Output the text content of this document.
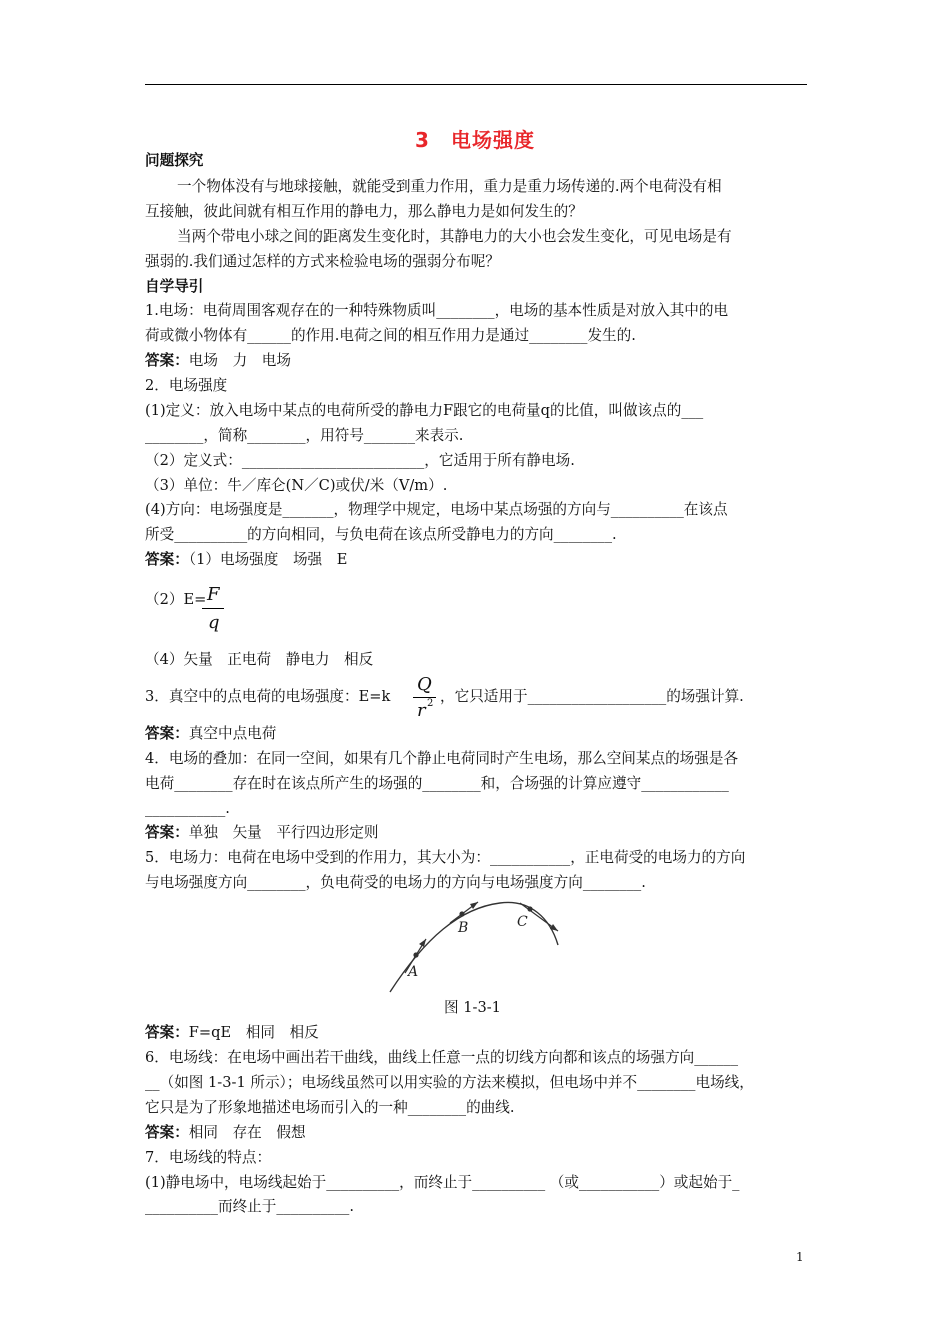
3　电场强度
问题探究
一个物体没有与地球接触，就能受到重力作用，重力是重力场传递的.两个电荷没有相
互接触，彼此间就有相互作用的静电力，那么静电力是如何发生的？
当两个带电小球之间的距离发生变化时，其静电力的大小也会发生变化，可见电场是有
强弱的.我们通过怎样的方式来检验电场的强弱分布呢？
自学导引
1.电场：电荷周围客观存在的一种特殊物质叫________，电场的基本性质是对放入其中的电
荷或微小物体有______的作用.电荷之间的相互作用力是通过________发生的.
答案：电场　力　电场
2．电场强度
(1)定义：放入电场中某点的电荷所受的静电力F跟它的电荷量q的比值，叫做该点的___
________，简称________，用符号_______来表示.
（2）定义式：_________________________，它适用于所有静电场.
（3）单位：牛／库仑(N／C)或伏/米（V/m）.
(4)方向：电场强度是_______，物理学中规定，电场中某点场强的方向与__________在该点
所受__________的方向相同，与负电荷在该点所受静电力的方向________.
答案：（1）电场强度　场强　E
（2）E= F
q
（4）矢量　正电荷　静电力　相反
3．真空中的点电荷的电场强度：E=k
Q
r 2 ，它只适用于___________________的场强计算.
答案：真空中点电荷
4．电场的叠加：在同一空间，如果有几个静止电荷同时产生电场，那么空间某点的场强是各
电荷________存在时在该点所产生的场强的________和，合场强的计算应遵守____________
___________.
答案：单独　矢量　平行四边形定则
5．电场力：电荷在电场中受到的作用力，其大小为：___________，正电荷受的电场力的方向
与电场强度方向________，负电荷受的电场力的方向与电场强度方向________.
A
B	C
图 1-3-1
答案：F=qE　相同　相反
6．电场线：在电场中画出若干曲线，曲线上任意一点的切线方向都和该点的场强方向______
__（如图 1-3-1 所示）；电场线虽然可以用实验的方法来模拟，但电场中并不________电场线，
它只是为了形象地描述电场而引入的一种________的曲线.
答案：相同　存在　假想
7．电场线的特点：
(1)静电场中，电场线起始于__________，而终止于__________ （或___________）或起始于_
__________而终止于__________.
1
